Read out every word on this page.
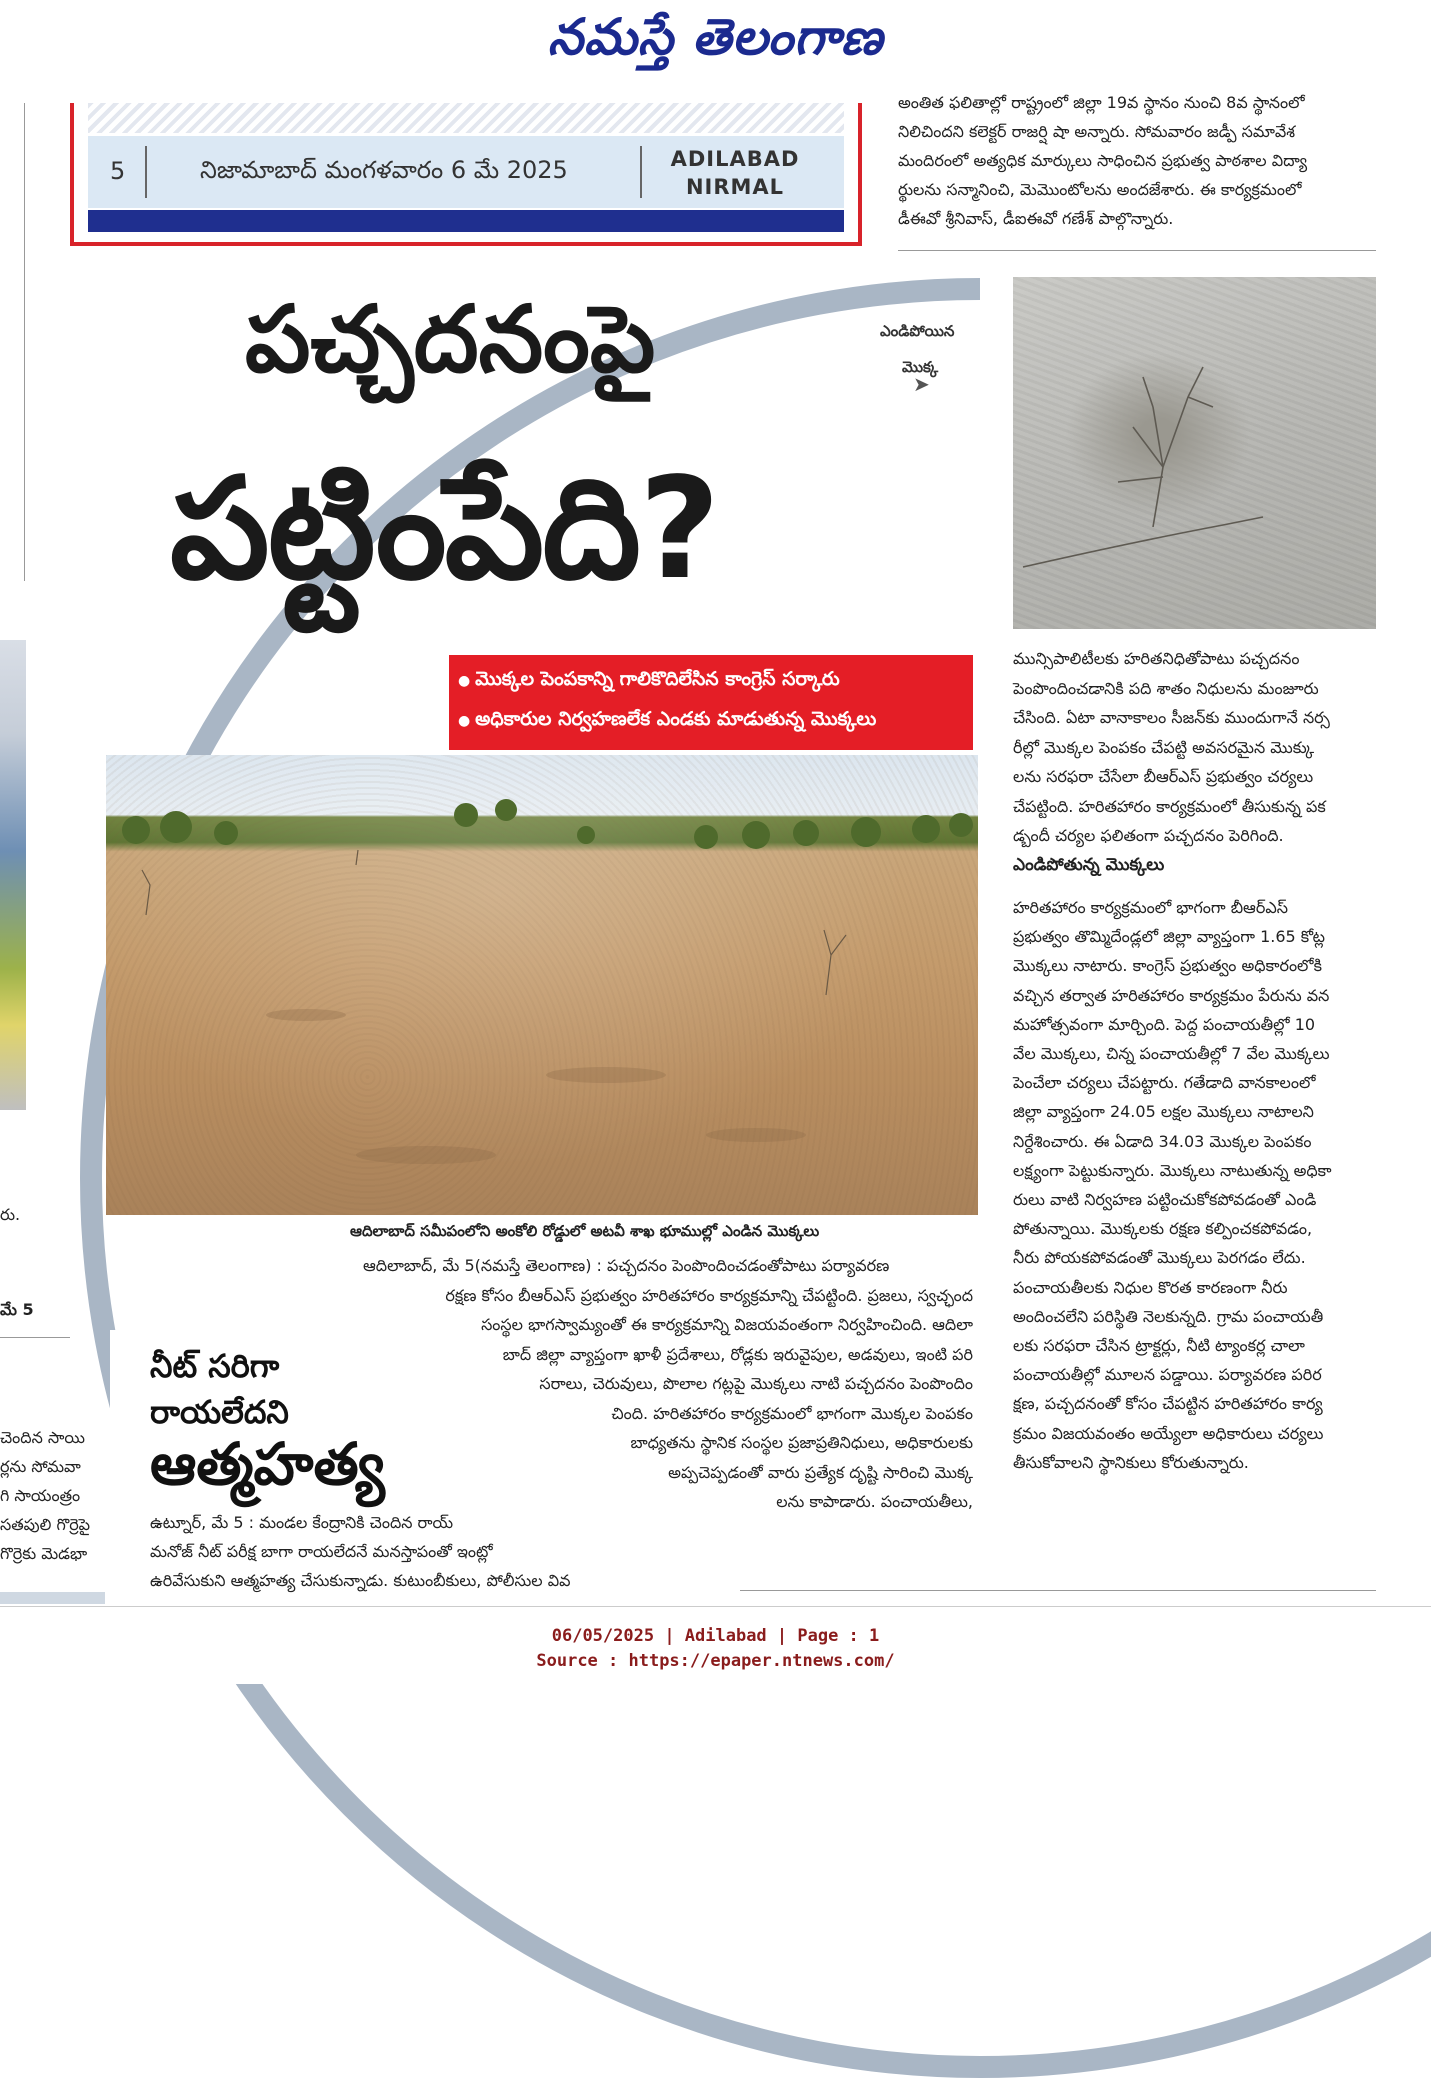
నమస్తే తెలంగాణ
రు.
మే 5
చెందిన సాయి
ర్లను సోమవా
గి సాయంత్రం
సతపులి గొర్రెపై
గొర్రెకు మెడభా
5	నిజామాబాద్ మంగళవారం 6 మే 2025	ADILABAD
NIRMAL
అంతిత ఫలితాల్లో రాష్ట్రంలో జిల్లా 19వ స్థానం నుంచి 8వ స్థానంలో
నిలిచిందని కలెక్టర్ రాజర్షి షా అన్నారు. సోమవారం జడ్పీ సమావేశ
మందిరంలో అత్యధిక మార్కులు సాధించిన ప్రభుత్వ పాఠశాల విద్యా
ర్థులను సన్మానించి, మెమొంటోలను అందజేశారు. ఈ కార్యక్రమంలో
డీఈవో శ్రీనివాస్, డీఐఈవో గణేశ్ పాల్గొన్నారు.
పచ్చదనంపై
పట్టింపేది?
ఎండిపోయిన
మొక్క
➤
● మొక్కల పెంపకాన్ని గాలికొదిలేసిన కాంగ్రెస్ సర్కారు
● అధికారుల నిర్వహణలేక ఎండకు మాడుతున్న మొక్కలు
మున్సిపాలిటీలకు హరితనిధితోపాటు పచ్చదనం
పెంపొందించడానికి పది శాతం నిధులను మంజూరు
చేసింది. ఏటా వానాకాలం సీజన్‌కు ముందుగానే నర్స
రీల్లో మొక్కల పెంపకం చేపట్టి అవసరమైన మొక్కు
లను సరఫరా చేసేలా బీఆర్ఎస్ ప్రభుత్వం చర్యలు
చేపట్టింది. హరితహారం కార్యక్రమంలో తీసుకున్న పక
డ్బందీ చర్యల ఫలితంగా పచ్చదనం పెరిగింది.
ఎండిపోతున్న మొక్కలు
హరితహారం కార్యక్రమంలో భాగంగా బీఆర్ఎస్
ప్రభుత్వం తొమ్మిదేండ్లలో జిల్లా వ్యాప్తంగా 1.65 కోట్ల
మొక్కలు నాటారు. కాంగ్రెస్ ప్రభుత్వం అధికారంలోకి
వచ్చిన తర్వాత హరితహారం కార్యక్రమం పేరును వన
మహోత్సవంగా మార్చింది. పెద్ద పంచాయతీల్లో 10
వేల మొక్కలు, చిన్న పంచాయతీల్లో 7 వేల మొక్కలు
పెంచేలా చర్యలు చేపట్టారు. గతేడాది వానకాలంలో
జిల్లా వ్యాప్తంగా 24.05 లక్షల మొక్కలు నాటాలని
నిర్దేశించారు. ఈ ఏడాది 34.03 మొక్కల పెంపకం
లక్ష్యంగా పెట్టుకున్నారు. మొక్కలు నాటుతున్న అధికా
రులు వాటి నిర్వహణ పట్టించుకోకపోవడంతో ఎండి
పోతున్నాయి. మొక్కలకు రక్షణ కల్పించకపోవడం,
నీరు పోయకపోవడంతో మొక్కలు పెరగడం లేదు.
పంచాయతీలకు నిధుల కొరత కారణంగా నీరు
అందించలేని పరిస్థితి నెలకున్నది. గ్రామ పంచాయతీ
లకు సరఫరా చేసిన ట్రాక్టర్లు, నీటి ట్యాంకర్ల చాలా
పంచాయతీల్లో మూలన పడ్డాయి. పర్యావరణ పరిర
క్షణ, పచ్చదనంతో కోసం చేపట్టిన హరితహారం కార్య
క్రమం విజయవంతం అయ్యేలా అధికారులు చర్యలు
తీసుకోవాలని స్థానికులు కోరుతున్నారు.
ఆదిలాబాద్ సమీపంలోని అంకోలి రోడ్డులో అటవీ శాఖ భూముల్లో ఎండిన మొక్కలు
ఆదిలాబాద్, మే 5(నమస్తే తెలంగాణ) : పచ్చదనం పెంపొందించడంతోపాటు పర్యావరణ
రక్షణ కోసం బీఆర్ఎస్ ప్రభుత్వం హరితహారం కార్యక్రమాన్ని చేపట్టింది. ప్రజలు, స్వచ్ఛంద
సంస్థల భాగస్వామ్యంతో ఈ కార్యక్రమాన్ని విజయవంతంగా నిర్వహించింది. ఆదిలా
బాద్ జిల్లా వ్యాప్తంగా ఖాళీ ప్రదేశాలు, రోడ్లకు ఇరువైపుల, అడవులు, ఇంటి పరి
సరాలు, చెరువులు, పొలాల గట్లపై మొక్కలు నాటి పచ్చదనం పెంపొందిం
చింది. హరితహారం కార్యక్రమంలో భాగంగా మొక్కల పెంపకం
బాధ్యతను స్థానిక సంస్థల ప్రజాప్రతినిధులు, అధికారులకు
అప్పచెప్పడంతో వారు ప్రత్యేక దృష్టి సారించి మొక్క
లను కాపాడారు. పంచాయతీలు,
నీట్ సరిగా
రాయలేదని
ఆత్మహత్య
ఉట్నూర్, మే 5 : మండల కేంద్రానికి చెందిన రాయ్
మనోజ్ నీట్ పరీక్ష బాగా రాయలేదనే మనస్తాపంతో ఇంట్లో
ఉరివేసుకుని ఆత్మహత్య చేసుకున్నాడు. కుటుంబీకులు, పోలీసుల వివ
06/05/2025 | Adilabad | Page : 1
Source : https://epaper.ntnews.com/
